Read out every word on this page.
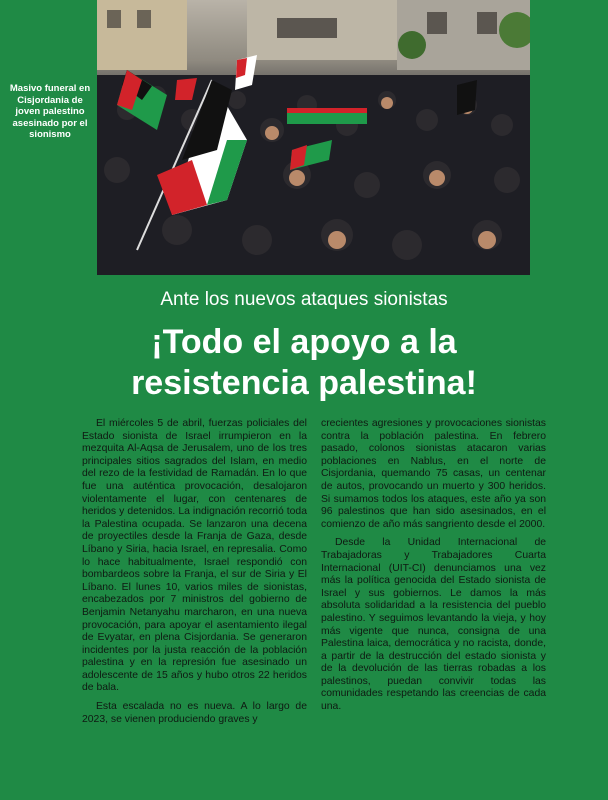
Masivo funeral en Cisjordania de joven palestino asesinado por el sionismo
Ante los nuevos ataques sionistas
¡Todo el apoyo a la
resistencia palestina!

El miércoles 5 de abril, fuerzas policiales del Estado sionista de Israel irrumpieron en la mezquita Al-Aqsa de Jerusalem, uno de los tres principales sitios sagrados del Islam, en medio del rezo de la festividad de Ramadán. En lo que fue una auténtica provocación, desalojaron violentamente el lugar, con centenares de heridos y detenidos. La indignación recorrió toda la Palestina ocupada. Se lanzaron una decena de proyectiles desde la Franja de Gaza, desde Líbano y Siria, hacia Israel, en represalia. Como lo hace habitualmente, Israel respondió con bombardeos sobre la Franja, el sur de Siria y El Líbano. El lunes 10, varios miles de sionistas, encabezados por 7 ministros del gobierno de Benjamin Netanyahu marcharon, en una nueva provocación, para apoyar el asentamiento ilegal de Evyatar, en plena Cisjordania. Se generaron incidentes por la justa reacción de la población palestina y en la represión fue asesinado un adolescente de 15 años y hubo otros 22 heridos de bala.

Esta escalada no es nueva. A lo largo de 2023, se vienen produciendo graves y

crecientes agresiones y provocaciones sionistas contra la población palestina. En febrero pasado, colonos sionistas atacaron varias poblaciones en Nablus, en el norte de Cisjordania, quemando 75 casas, un centenar de autos, provocando un muerto y 300 heridos. Si sumamos todos los ataques, este año ya son 96 palestinos que han sido asesinados, en el comienzo de año más sangriento desde el 2000.

Desde la Unidad Internacional de Trabajadoras y Trabajadores Cuarta Internacional (UIT-CI) denunciamos una vez más la política genocida del Estado sionista de Israel y sus gobiernos. Le damos la más absoluta solidaridad a la resistencia del pueblo palestino. Y seguimos levantando la vieja, y hoy más vigente que nunca, consigna de una Palestina laica, democrática y no racista, donde, a partir de la destrucción del estado sionista y de la devolución de las tierras robadas a los palestinos, puedan convivir todas las comunidades respetando las creencias de cada una.
